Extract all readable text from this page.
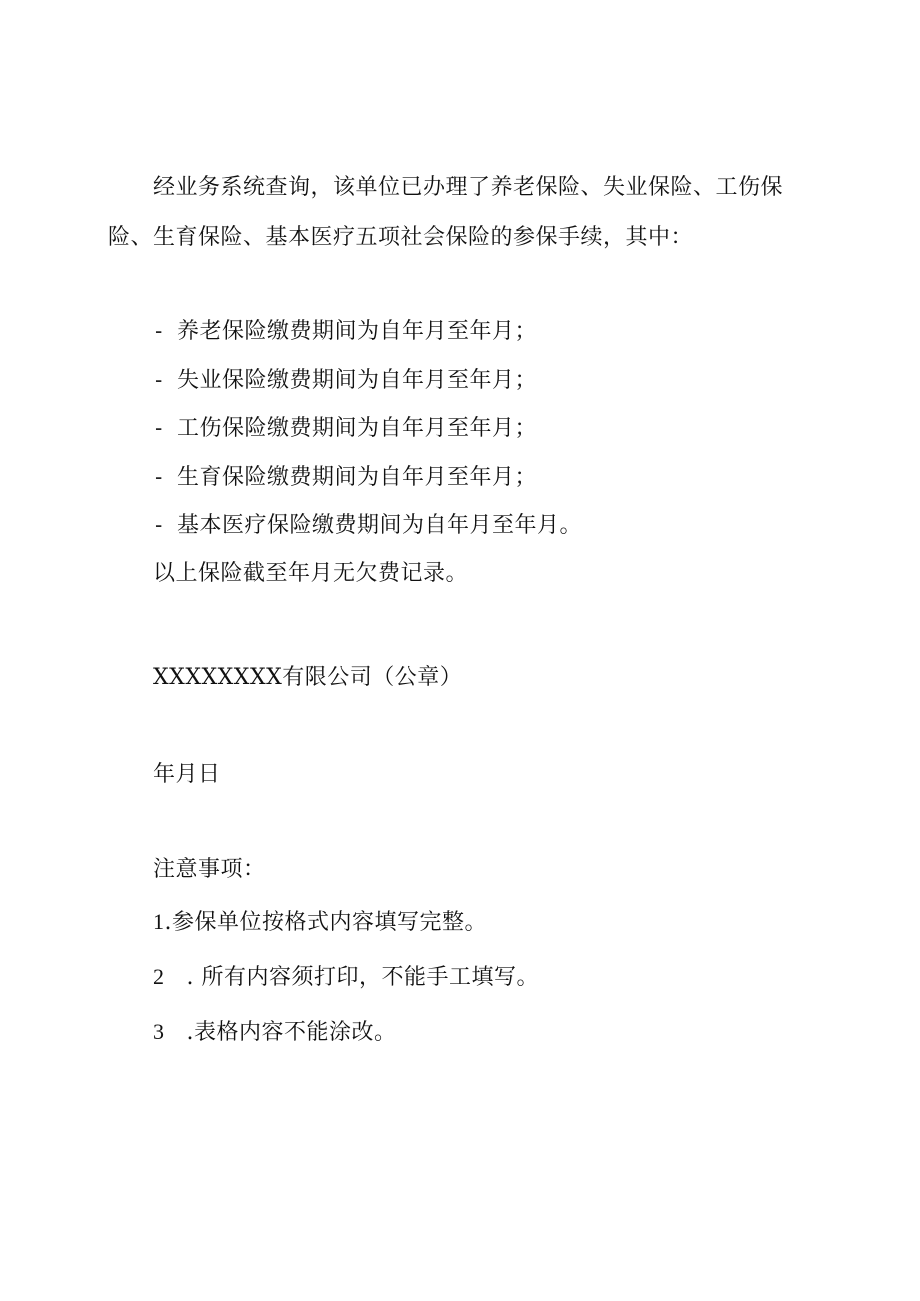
经业务系统查询，该单位已办理了养老保险、失业保险、工伤保
险、生育保险、基本医疗五项社会保险的参保手续，其中：
- 养老保险缴费期间为自年月至年月；
- 失业保险缴费期间为自年月至年月；
- 工伤保险缴费期间为自年月至年月；
- 生育保险缴费期间为自年月至年月；
- 基本医疗保险缴费期间为自年月至年月。
以上保险截至年月无欠费记录。
XXXXXXXX有限公司（公章）
年月日
注意事项：
1.参保单位按格式内容填写完整。
2 . 所有内容须打印，不能手工填写。
3 .表格内容不能涂改。
